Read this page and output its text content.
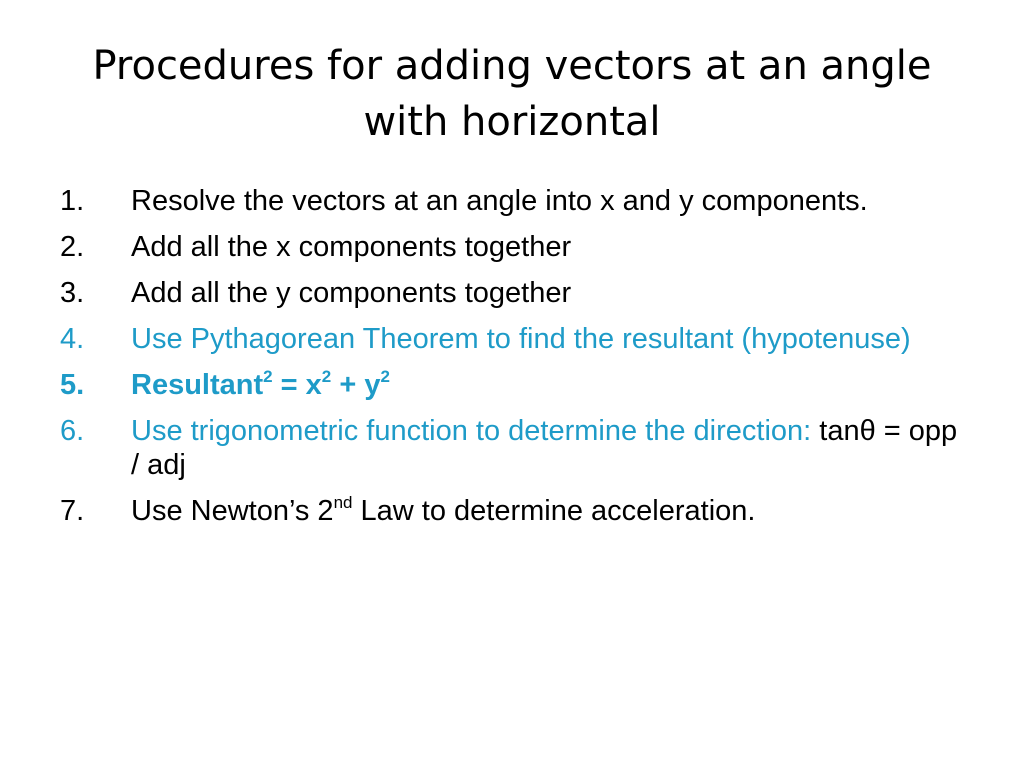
Procedures for adding vectors at an angle
with horizontal
1.	Resolve the vectors at an angle into x and y components.
2.	Add all the x components together
3.	Add all the y components together
4.	Use Pythagorean Theorem to find the resultant (hypotenuse)
5.	Resultant$^2$ = $x^2 + y^2$
6.	Use trigonometric function to determine the direction: tanθ = opp / adj
7.	Use Newton’s 2nd Law to determine acceleration.
